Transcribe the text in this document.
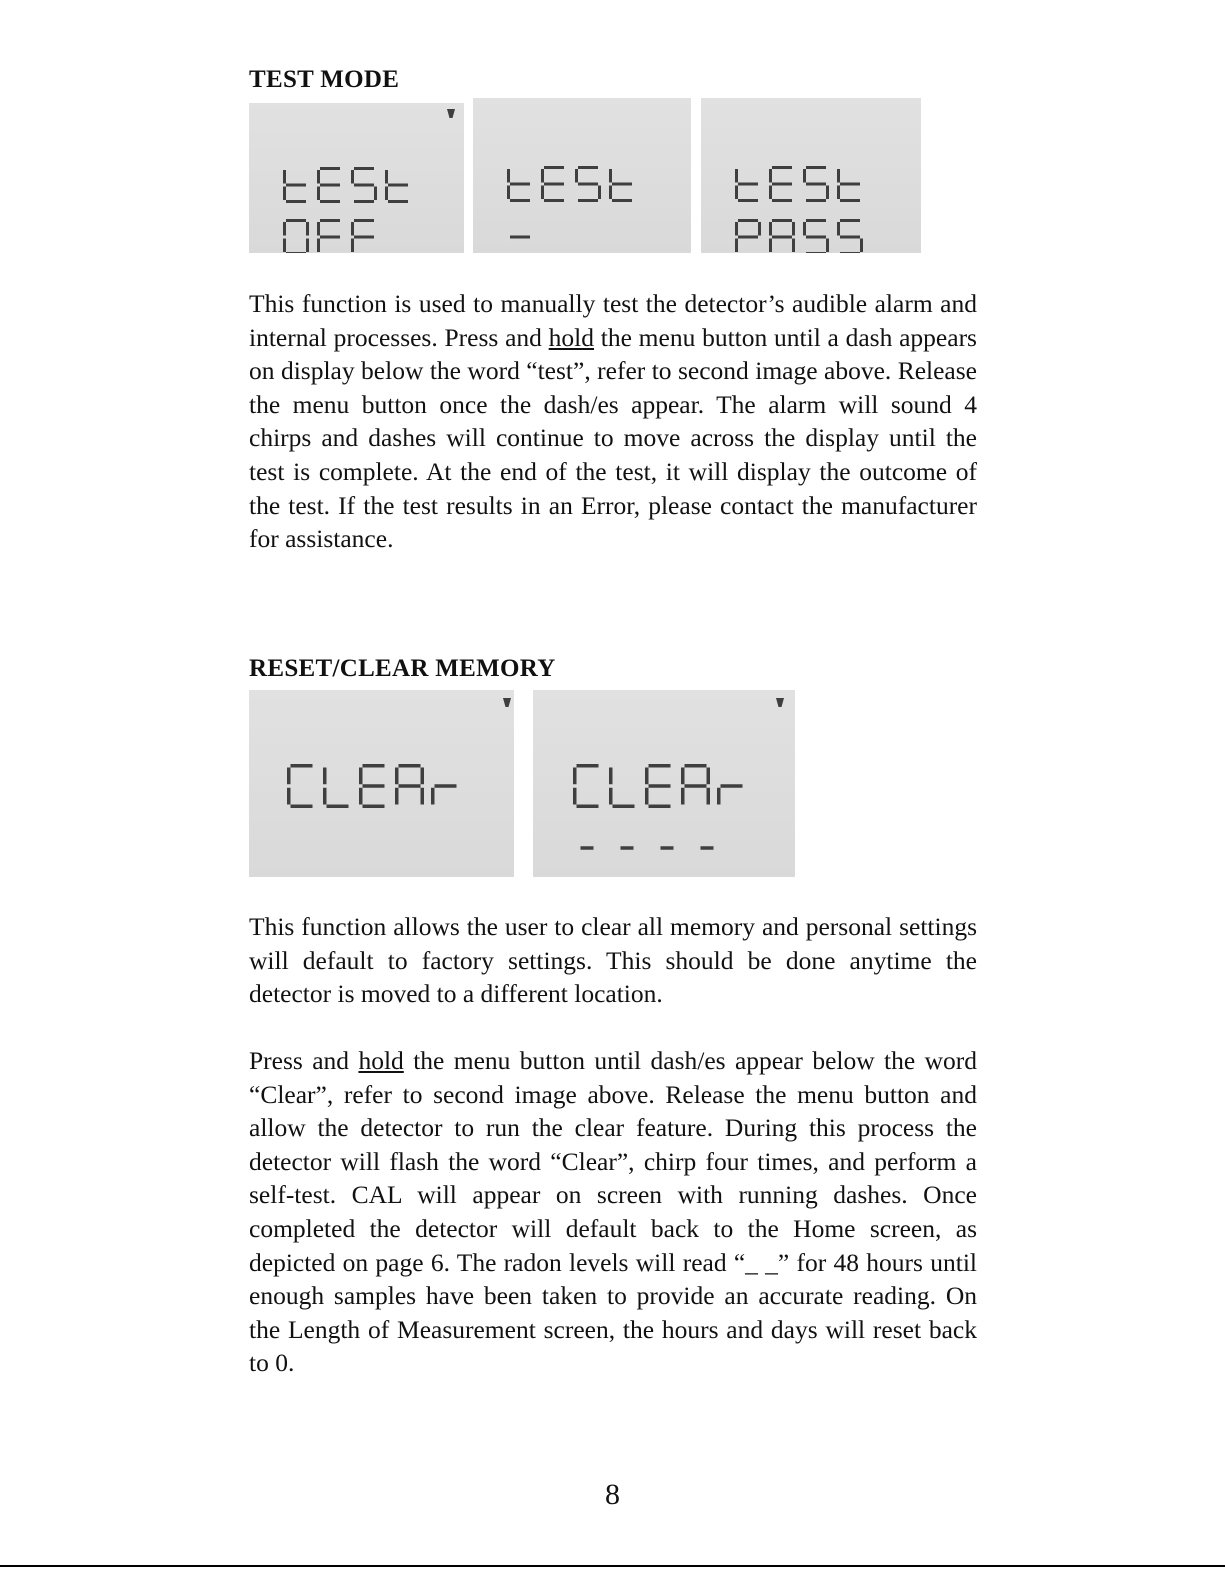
TEST MODE

This function is used to manually test the detector’s audible alarm and internal processes. Press and hold the menu button until a dash appears on display below the word “test”, refer to second image above. Release the menu button once the dash/es appear. The alarm will sound 4 chirps and dashes will continue to move across the display until the test is complete. At the end of the test, it will display the outcome of the test. If the test results in an Error, please contact the manufacturer for assistance.

RESET/CLEAR MEMORY

This function allows the user to clear all memory and personal settings will default to factory settings. This should be done anytime the detector is moved to a different location.

Press and hold the menu button until dash/es appear below the word “Clear”, refer to second image above. Release the menu button and allow the detector to run the clear feature. During this process the detector will flash the word “Clear”, chirp four times, and perform a self-test. CAL will appear on screen with running dashes. Once completed the detector will default back to the Home screen, as depicted on page 6. The radon levels will read “_ _” for 48 hours until enough samples have been taken to provide an accurate reading. On the Length of Measurement screen, the hours and days will reset back to 0.

8
